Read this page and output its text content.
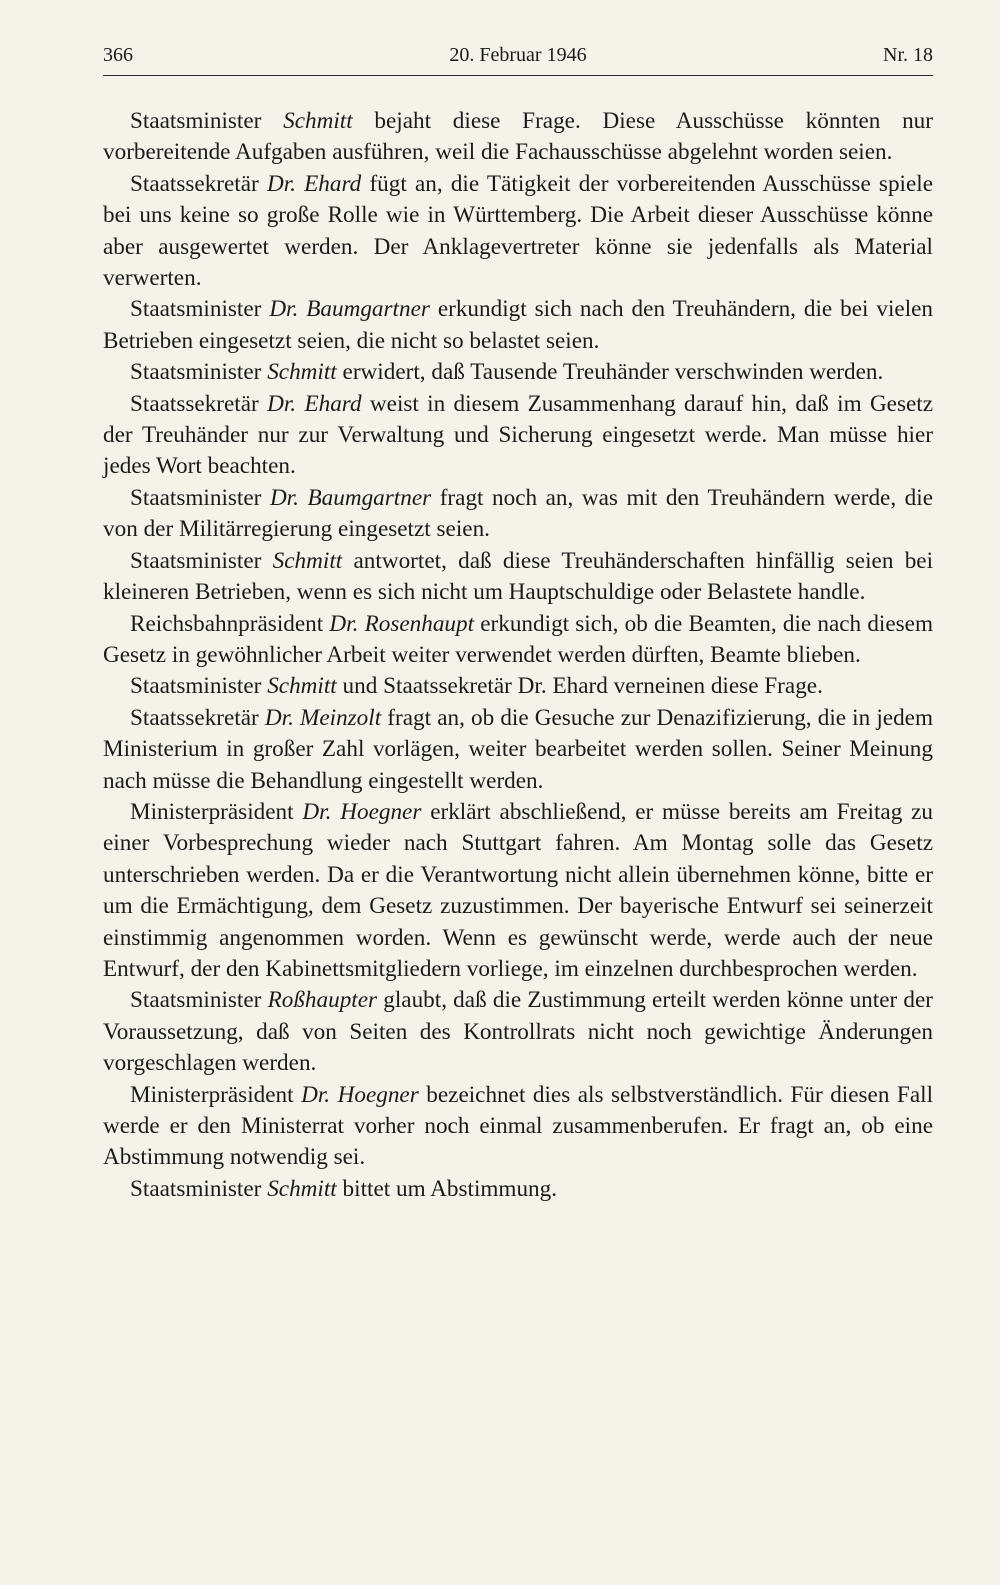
366	20. Februar 1946	Nr. 18

Staatsminister Schmitt bejaht diese Frage. Diese Ausschüsse könnten nur vorbereitende Aufgaben ausführen, weil die Fachausschüsse abgelehnt worden seien.

Staatssekretär Dr. Ehard fügt an, die Tätigkeit der vorbereitenden Ausschüsse spiele bei uns keine so große Rolle wie in Württemberg. Die Arbeit dieser Ausschüsse könne aber ausgewertet werden. Der Anklagevertreter könne sie jedenfalls als Material verwerten.

Staatsminister Dr. Baumgartner erkundigt sich nach den Treuhändern, die bei vielen Betrieben eingesetzt seien, die nicht so belastet seien.

Staatsminister Schmitt erwidert, daß Tausende Treuhänder verschwinden werden.

Staatssekretär Dr. Ehard weist in diesem Zusammenhang darauf hin, daß im Gesetz der Treuhänder nur zur Verwaltung und Sicherung eingesetzt werde. Man müsse hier jedes Wort beachten.

Staatsminister Dr. Baumgartner fragt noch an, was mit den Treuhändern werde, die von der Militärregierung eingesetzt seien.

Staatsminister Schmitt antwortet, daß diese Treuhänderschaften hinfällig seien bei kleineren Betrieben, wenn es sich nicht um Hauptschuldige oder Belastete handle.

Reichsbahnpräsident Dr. Rosenhaupt erkundigt sich, ob die Beamten, die nach diesem Gesetz in gewöhnlicher Arbeit weiter verwendet werden dürften, Beamte blieben.

Staatsminister Schmitt und Staatssekretär Dr. Ehard verneinen diese Frage.

Staatssekretär Dr. Meinzolt fragt an, ob die Gesuche zur Denazifizierung, die in jedem Ministerium in großer Zahl vorlägen, weiter bearbeitet werden sollen. Seiner Meinung nach müsse die Behandlung eingestellt werden.

Ministerpräsident Dr. Hoegner erklärt abschließend, er müsse bereits am Freitag zu einer Vorbesprechung wieder nach Stuttgart fahren. Am Montag solle das Gesetz unterschrieben werden. Da er die Verantwortung nicht allein übernehmen könne, bitte er um die Ermächtigung, dem Gesetz zuzustimmen. Der bayerische Entwurf sei seinerzeit einstimmig angenommen worden. Wenn es gewünscht werde, werde auch der neue Entwurf, der den Kabinettsmitgliedern vorliege, im einzelnen durchbesprochen werden.

Staatsminister Roßhaupter glaubt, daß die Zustimmung erteilt werden könne unter der Voraussetzung, daß von Seiten des Kontrollrats nicht noch gewichtige Änderungen vorgeschlagen werden.

Ministerpräsident Dr. Hoegner bezeichnet dies als selbstverständlich. Für diesen Fall werde er den Ministerrat vorher noch einmal zusammenberufen. Er fragt an, ob eine Abstimmung notwendig sei.

Staatsminister Schmitt bittet um Abstimmung.
